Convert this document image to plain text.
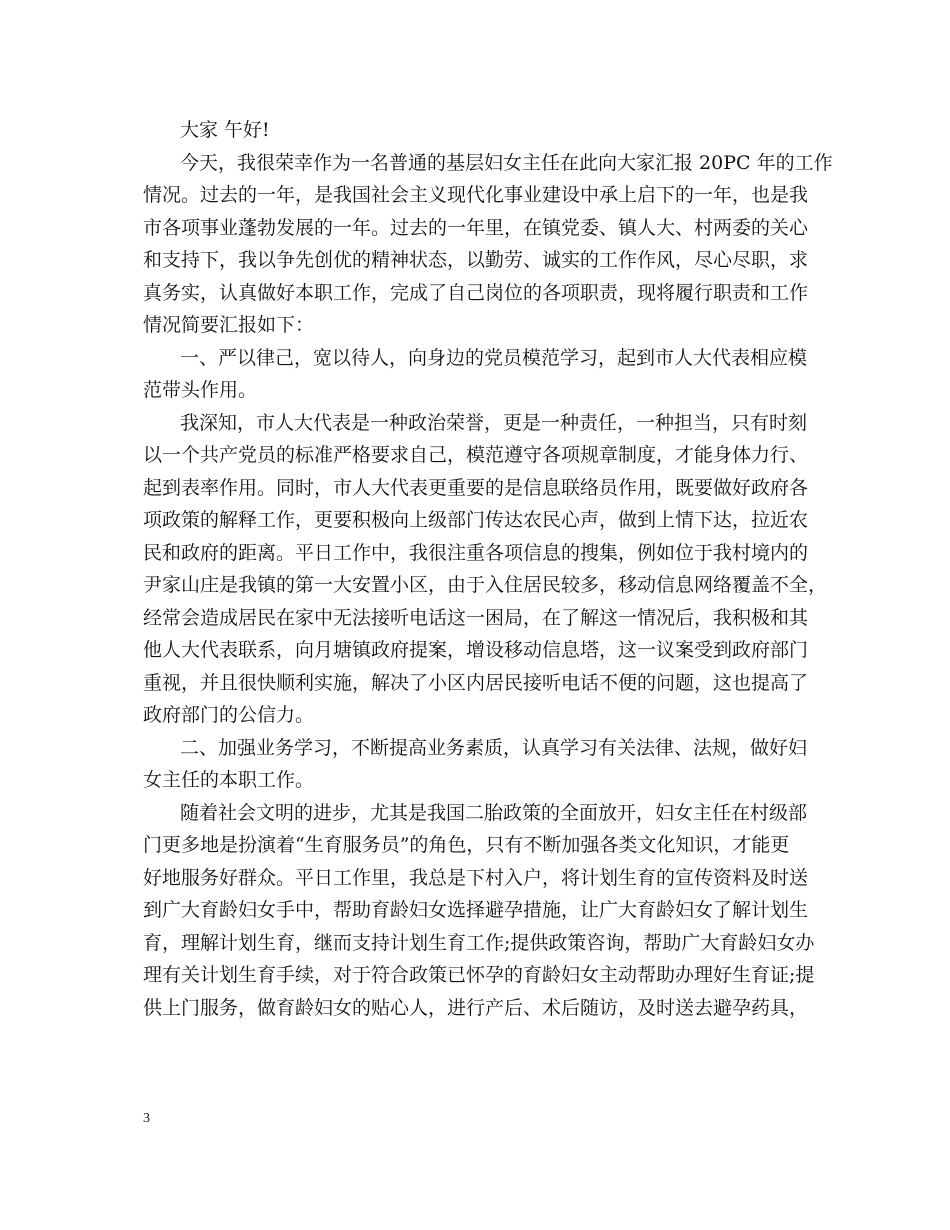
大家 午好!
今天，我很荣幸作为一名普通的基层妇女主任在此向大家汇报 20PC 年的工作
情况。过去的一年，是我国社会主义现代化事业建设中承上启下的一年，也是我
市各项事业蓬勃发展的一年。过去的一年里，在镇党委、镇人大、村两委的关心
和支持下，我以争先创优的精神状态，以勤劳、诚实的工作作风，尽心尽职，求
真务实，认真做好本职工作，完成了自己岗位的各项职责，现将履行职责和工作
情况简要汇报如下：
一、严以律己，宽以待人，向身边的党员模范学习，起到市人大代表相应模
范带头作用。
我深知，市人大代表是一种政治荣誉，更是一种责任，一种担当，只有时刻
以一个共产党员的标准严格要求自己，模范遵守各项规章制度，才能身体力行、
起到表率作用。同时，市人大代表更重要的是信息联络员作用，既要做好政府各
项政策的解释工作，更要积极向上级部门传达农民心声，做到上情下达，拉近农
民和政府的距离。平日工作中，我很注重各项信息的搜集，例如位于我村境内的
尹家山庄是我镇的第一大安置小区，由于入住居民较多，移动信息网络覆盖不全，
经常会造成居民在家中无法接听电话这一困局，在了解这一情况后，我积极和其
他人大代表联系，向月塘镇政府提案，增设移动信息塔，这一议案受到政府部门
重视，并且很快顺利实施，解决了小区内居民接听电话不便的问题，这也提高了
政府部门的公信力。
二、加强业务学习，不断提高业务素质，认真学习有关法律、法规，做好妇
女主任的本职工作。
随着社会文明的进步，尤其是我国二胎政策的全面放开，妇女主任在村级部
门更多地是扮演着“生育服务员”的角色，只有不断加强各类文化知识，才能更
好地服务好群众。平日工作里，我总是下村入户，将计划生育的宣传资料及时送
到广大育龄妇女手中，帮助育龄妇女选择避孕措施，让广大育龄妇女了解计划生
育，理解计划生育，继而支持计划生育工作;提供政策咨询，帮助广大育龄妇女办
理有关计划生育手续，对于符合政策已怀孕的育龄妇女主动帮助办理好生育证;提
供上门服务，做育龄妇女的贴心人，进行产后、术后随访，及时送去避孕药具，
3
